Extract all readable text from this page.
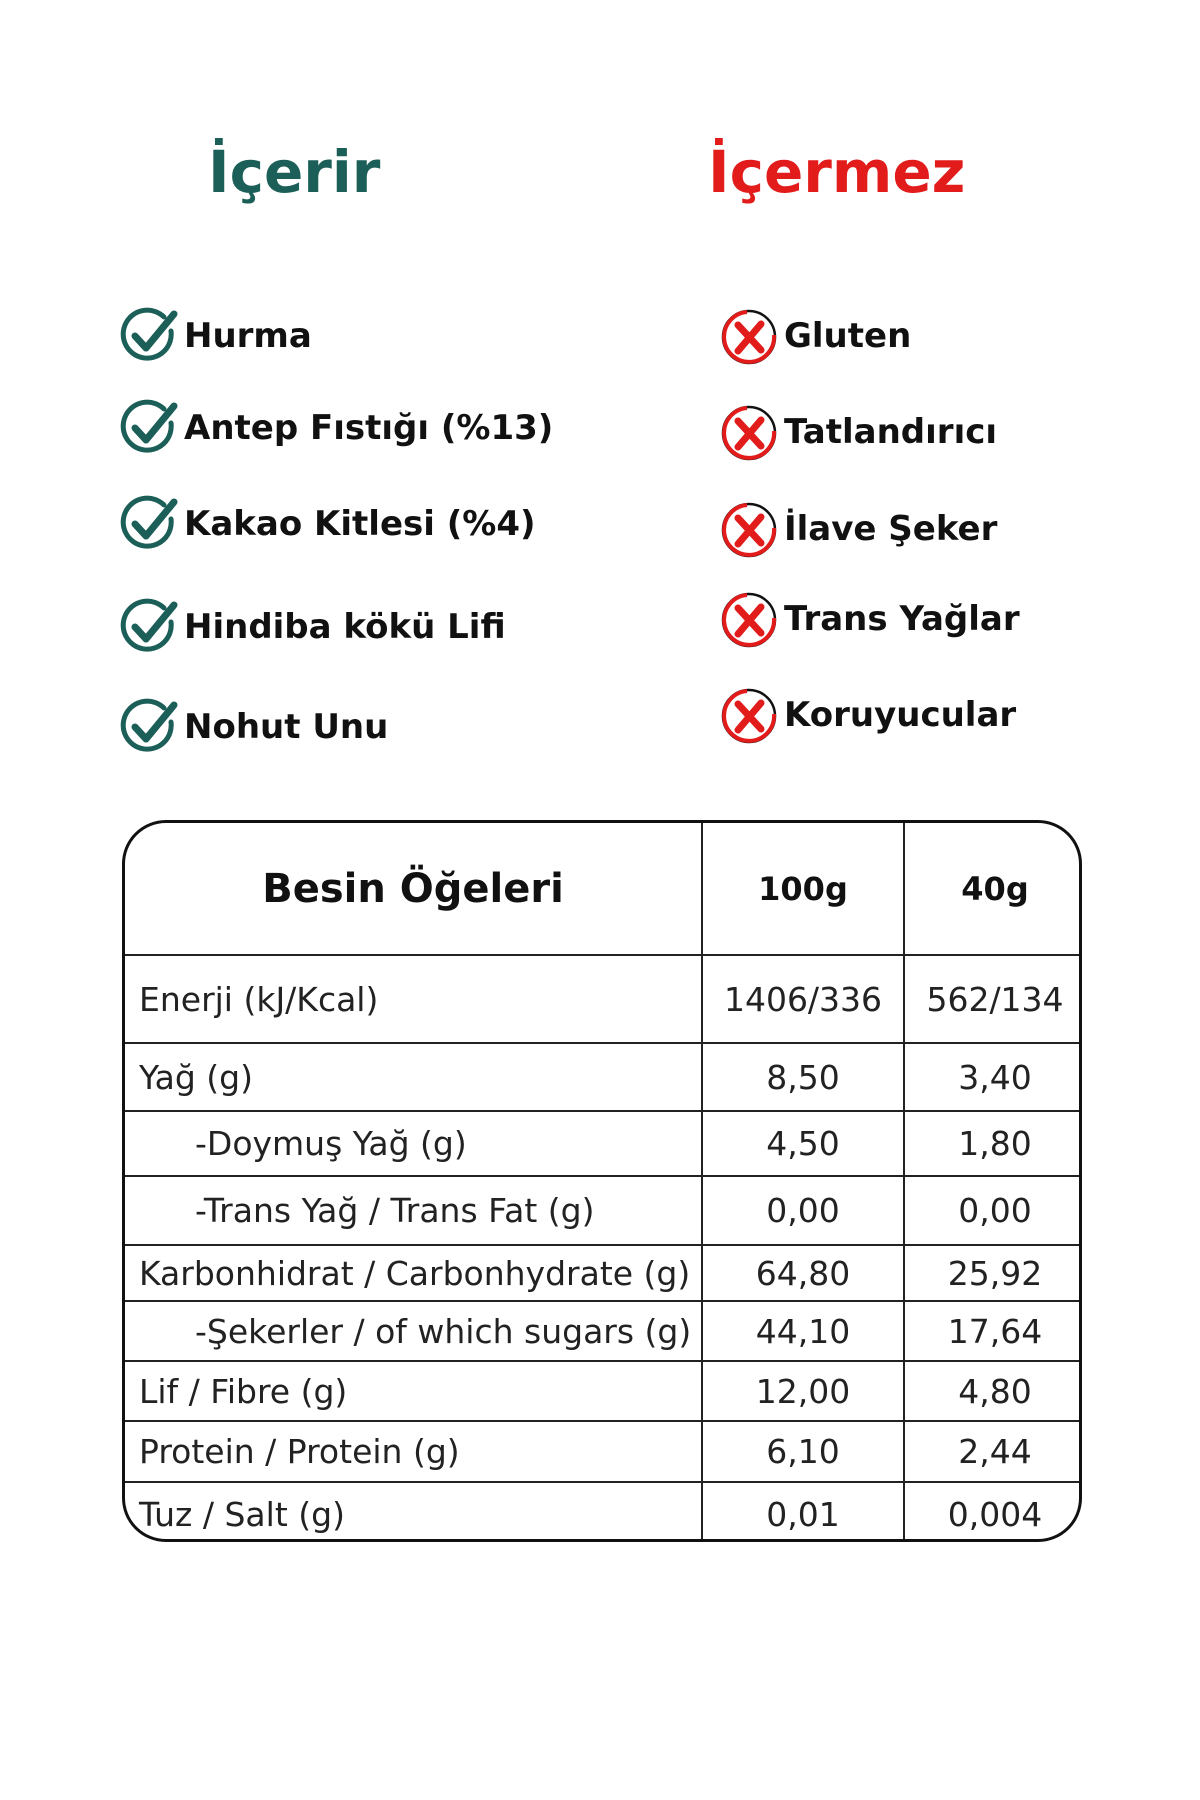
İçerir	İçermez
Hurma
Antep Fıstığı (%13)
Kakao Kitlesi (%4)
Hindiba kökü Lifi
Nohut Unu
Gluten
Tatlandırıcı
İlave Şeker
Trans Yağlar
Koruyucular
Besin Öğeleri	100g	40g
Enerji (kJ/Kcal)	1406/336	562/134
Yağ (g)	8,50	3,40
-Doymuş Yağ (g)	4,50	1,80
-Trans Yağ / Trans Fat (g)	0,00	0,00
Karbonhidrat / Carbonhydrate (g)	64,80	25,92
-Şekerler / of which sugars (g)	44,10	17,64
Lif / Fibre (g)	12,00	4,80
Protein / Protein (g)	6,10	2,44
Tuz / Salt (g)	0,01	0,004
